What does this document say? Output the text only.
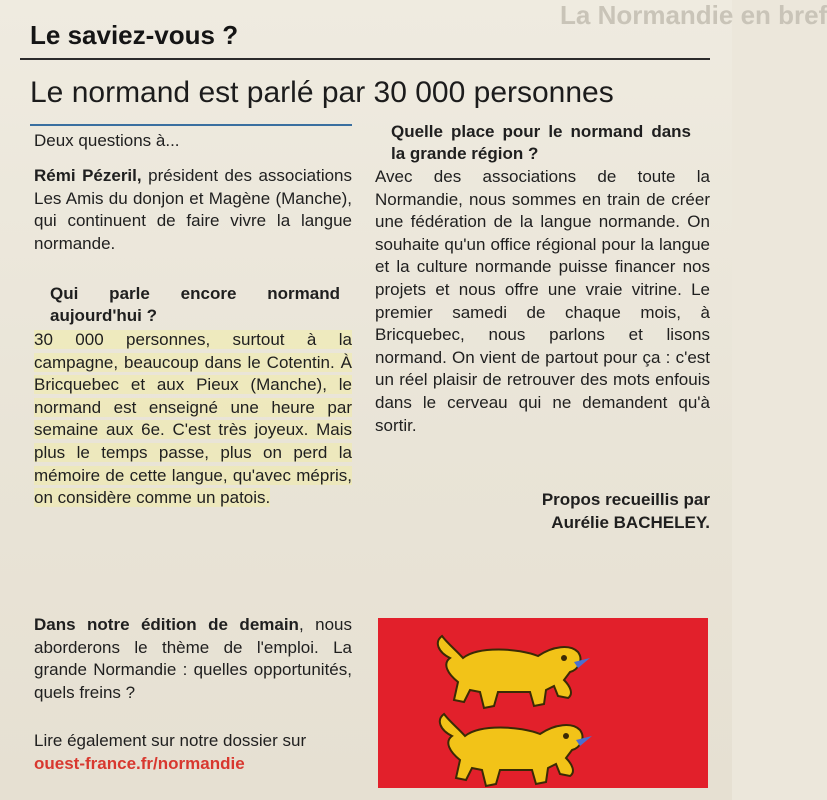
La Normandie en bref
Le saviez-vous ?
Le normand est parlé par 30 000 personnes
Deux questions à...
Rémi Pézeril, président des associations Les Amis du donjon et Magène (Manche), qui continuent de faire vivre la langue normande.
Qui parle encore normand aujourd'hui ?
30 000 personnes, surtout à la campagne, beaucoup dans le Cotentin. À Bricquebec et aux Pieux (Manche), le normand est enseigné une heure par semaine aux 6e. C'est très joyeux. Mais plus le temps passe, plus on perd la mémoire de cette langue, qu'avec mépris, on considère comme un patois.
Dans notre édition de demain, nous aborderons le thème de l'emploi. La grande Normandie : quelles opportunités, quels freins ?
Lire également sur notre dossier sur
ouest-france.fr/normandie
Quelle place pour le normand dans la grande région ?
Avec des associations de toute la Normandie, nous sommes en train de créer une fédération de la langue normande. On souhaite qu'un office régional pour la langue et la culture normande puisse financer nos projets et nous offre une vraie vitrine. Le premier samedi de chaque mois, à Bricquebec, nous parlons et lisons normand. On vient de partout pour ça : c'est un réel plaisir de retrouver des mots enfouis dans le cerveau qui ne demandent qu'à sortir.
Propos recueillis par
Aurélie BACHELEY.
